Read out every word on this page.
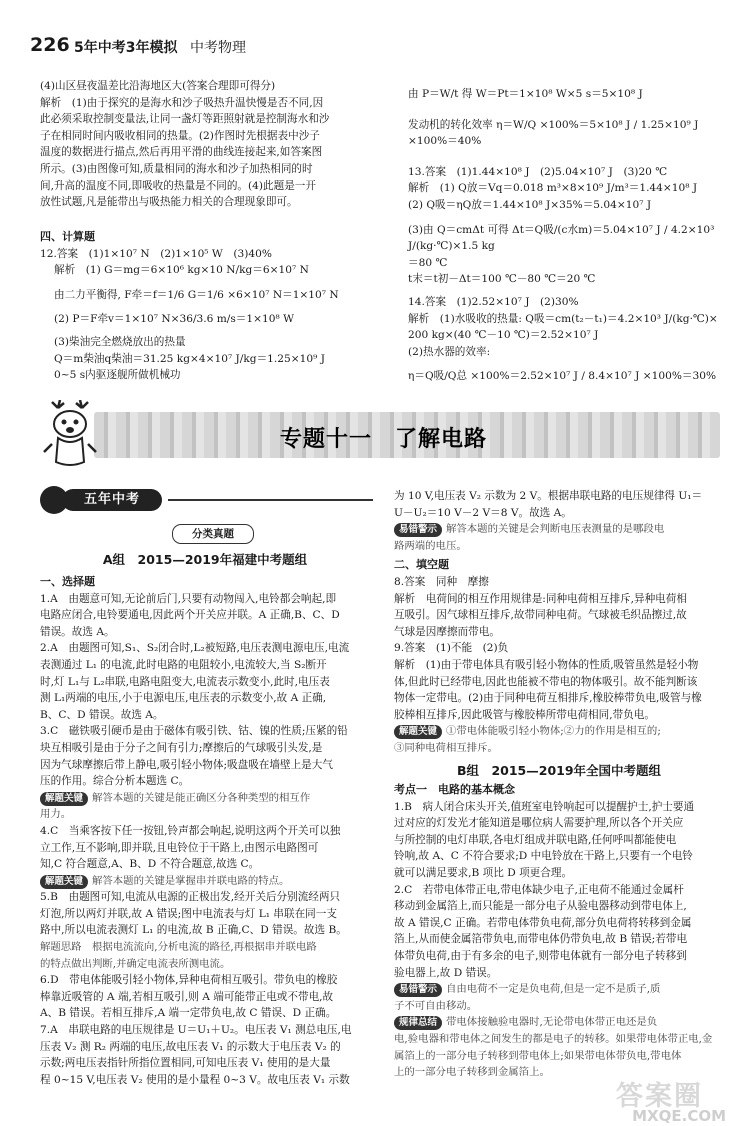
226 5年中考3年模拟 中考物理

(4)山区昼夜温差比沿海地区大(答案合理即可得分)

解析　(1)由于探究的是海水和沙子吸热升温快慢是否不同,因

此必须采取控制变量法,让同一盏灯等距照射就是控制海水和沙

子在相同时间内吸收相同的热量。(2)作图时先根据表中沙子

温度的数据进行描点,然后再用平滑的曲线连接起来,如答案图

所示。(3)由图像可知,质量相同的海水和沙子加热相同的时

间,升高的温度不同,即吸收的热量是不同的。(4)此题是一开

放性试题,凡是能带出与吸热能力相关的合理现象即可。

四、计算题

12.答案　(1)1×10⁷ N　(2)1×10⁵ W　(3)40%

解析　(1) G＝mg＝6×10⁶ kg×10 N/kg＝6×10⁷ N

由二力平衡得, F牵＝f＝1/6 G＝1/6 ×6×10⁷ N＝1×10⁷ N

(2) P＝F牵v＝1×10⁷ N×36/3.6 m/s＝1×10⁸ W

(3)柴油完全燃烧放出的热量

Q＝m柴油q柴油＝31.25 kg×4×10⁷ J/kg＝1.25×10⁹ J

0~5 s内驱逐舰所做机械功

由 P＝W/t 得 W＝Pt＝1×10⁸ W×5 s＝5×10⁸ J

发动机的转化效率 η＝W/Q ×100%＝5×10⁸ J / 1.25×10⁹ J ×100%＝40%

13.答案　(1)1.44×10⁸ J　(2)5.04×10⁷ J　(3)20 ℃

解析　(1) Q放＝Vq＝0.018 m³×8×10⁹ J/m³＝1.44×10⁸ J

(2) Q吸＝ηQ放＝1.44×10⁸ J×35%＝5.04×10⁷ J

(3)由 Q＝cmΔt 可得 Δt＝Q吸/(c水m)＝5.04×10⁷ J / 4.2×10³ J/(kg·℃)×1.5 kg

＝80 ℃

t末＝t初－Δt＝100 ℃－80 ℃＝20 ℃

14.答案　(1)2.52×10⁷ J　(2)30%

解析　(1)水吸收的热量: Q吸＝cm(t₂－t₁)＝4.2×10³ J/(kg·℃)×

200 kg×(40 ℃－10 ℃)＝2.52×10⁷ J

(2)热水器的效率:

η＝Q吸/Q总 ×100%＝2.52×10⁷ J / 8.4×10⁷ J ×100%＝30%

专题十一　了解电路
五年中考
分类真题

A组　2015—2019年福建中考题组

一、选择题

1.A　由题意可知,无论前后门,只要有动物闯入,电铃都会响起,即

电路应闭合,电铃要通电,因此两个开关应并联。A 正确,B、C、D

错误。故选 A。

2.A　由题图可知,S₁、S₂闭合时,L₂被短路,电压表测电源电压,电流

表测通过 L₁ 的电流,此时电路的电阻较小,电流较大,当 S₂断开

时,灯 L₁与 L₂串联,电路电阻变大,电流表示数变小,此时,电压表

测 L₁两端的电压,小于电源电压,电压表的示数变小,故 A 正确,

B、C、D 错误。故选 A。

3.C　磁铁吸引硬币是由于磁体有吸引铁、钴、镍的性质;压紧的铅

块互相吸引是由于分子之间有引力;摩擦后的气球吸引头发,是

因为气球摩擦后带上静电,吸引轻小物体;吸盘吸在墙壁上是大气

压的作用。综合分析本题选 C。

解题关键 解答本题的关键是能正确区分各种类型的相互作

用力。

4.C　当乘客按下任一按钮,铃声都会响起,说明这两个开关可以独

立工作,互不影响,即并联,且电铃位于干路上,由图示电路图可

知,C 符合题意,A、B、D 不符合题意,故选 C。

解题关键 解答本题的关键是掌握串并联电路的特点。

5.B　由题图可知,电流从电源的正极出发,经开关后分别流经两只

灯泡,所以两灯并联,故 A 错误;图中电流表与灯 L₁ 串联在同一支

路中,所以电流表测灯 L₁ 的电流,故 B 正确,C、D 错误。故选 B。

解题思路　根据电流流向,分析电流的路径,再根据串并联电路

的特点做出判断,并确定电流表所测电流。

6.D　带电体能吸引轻小物体,异种电荷相互吸引。带负电的橡胶

棒靠近吸管的 A 端,若相互吸引,则 A 端可能带正电或不带电,故

A、B 错误。若相互排斥,A 端一定带负电,故 C 错误、D 正确。

7.A　串联电路的电压规律是 U＝U₁＋U₂。电压表 V₁ 测总电压,电

压表 V₂ 测 R₂ 两端的电压,故电压表 V₁ 的示数大于电压表 V₂ 的

示数;两电压表指针所指位置相同,可知电压表 V₁ 使用的是大量

程 0~15 V,电压表 V₂ 使用的是小量程 0~3 V。故电压表 V₁ 示数

为 10 V,电压表 V₂ 示数为 2 V。根据串联电路的电压规律得 U₁＝

U－U₂＝10 V－2 V＝8 V。故选 A。

易错警示 解答本题的关键是会判断电压表测量的是哪段电

路两端的电压。

二、填空题

8.答案　同种　摩擦

解析　电荷间的相互作用规律是:同种电荷相互排斥,异种电荷相

互吸引。因气球相互排斥,故带同种电荷。气球被毛织品擦过,故

气球是因摩擦而带电。

9.答案　(1)不能　(2)负

解析　(1)由于带电体具有吸引轻小物体的性质,吸管虽然是轻小物

体,但此时已经带电,因此也能被不带电的物体吸引。故不能判断该

物体一定带电。(2)由于同种电荷互相排斥,橡胶棒带负电,吸管与橡

胶棒相互排斥,因此吸管与橡胶棒所带电荷相同,带负电。

解题关键 ①带电体能吸引轻小物体;②力的作用是相互的;

③同种电荷相互排斥。

B组　2015—2019年全国中考题组

考点一　电路的基本概念

1.B　病人闭合床头开关,值班室电铃响起可以提醒护士,护士要通

过对应的灯发光才能知道是哪位病人需要护理,所以各个开关应

与所控制的电灯串联,各电灯组成并联电路,任何呼叫都能使电

铃响,故 A、C 不符合要求;D 中电铃放在干路上,只要有一个电铃

就可以满足要求,B 项比 D 项更合理。

2.C　若带电体带正电,带电体缺少电子,正电荷不能通过金属杆

移动到金属箔上,而只能是一部分电子从验电器移动到带电体上,

故 A 错误,C 正确。若带电体带负电荷,部分负电荷将转移到金属

箔上,从而使金属箔带负电,而带电体仍带负电,故 B 错误;若带电

体带负电荷,由于有多余的电子,则带电体就有一部分电子转移到

验电器上,故 D 错误。

易错警示 自由电荷不一定是负电荷,但是一定不是质子,质

子不可自由移动。

规律总结 带电体接触验电器时,无论带电体带正电还是负

电,验电器和带电体之间发生的都是电子的转移。如果带电体带正电,金

属箔上的一部分电子转移到带电体上;如果带电体带负电,带电体

上的一部分电子转移到金属箔上。

答案圈
MXQE.COM
